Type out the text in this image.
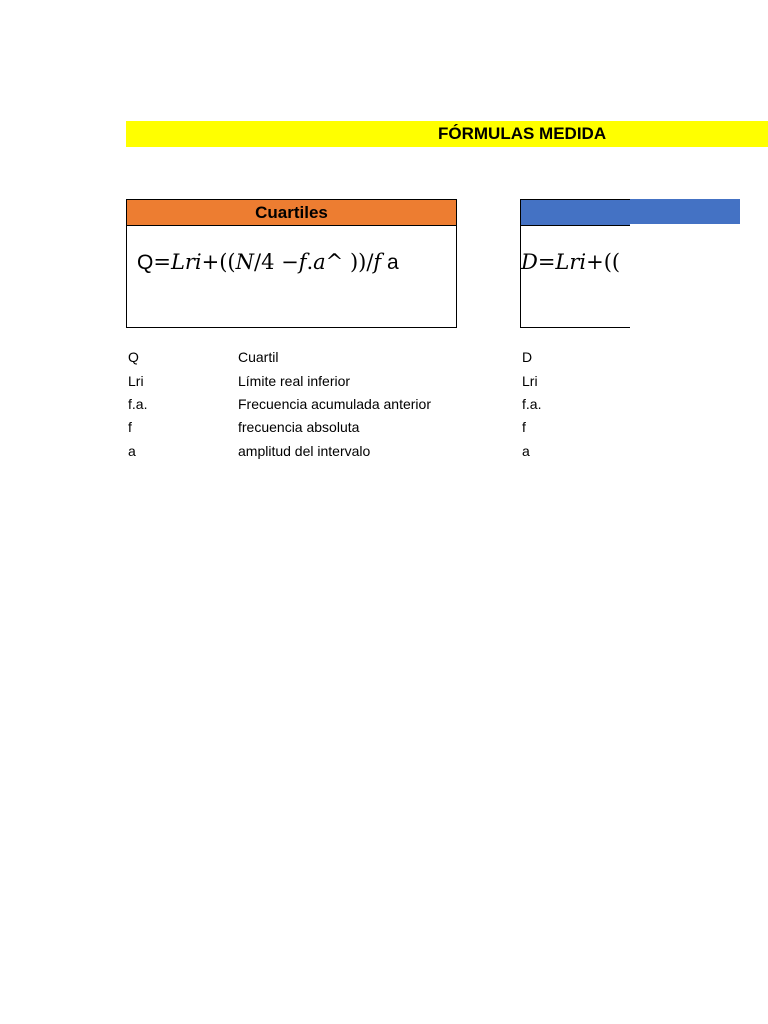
FÓRMULAS MEDIDA
Cuartiles
Q=𝐿𝑟𝑖+((𝑁/4 −𝑓.𝑎^ ))/𝑓 a	𝐷=𝐿𝑟𝑖+((
Q	Cuartil
Lri	Límite real inferior
f.a.	Frecuencia acumulada anterior
f	frecuencia absoluta
a	amplitud del intervalo
D
Lri
f.a.
f
a
